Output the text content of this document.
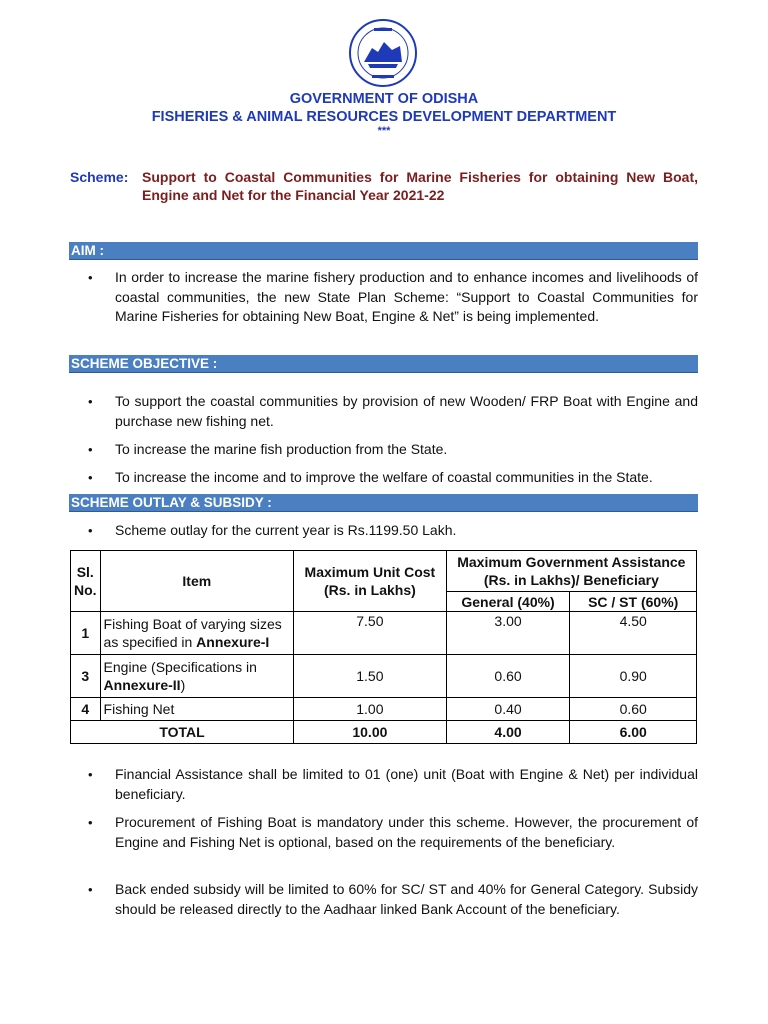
GOVERNMENT OF ODISHA
FISHERIES & ANIMAL RESOURCES DEVELOPMENT DEPARTMENT
***
Scheme: Support to Coastal Communities for Marine Fisheries for obtaining New Boat, Engine and Net for the Financial Year 2021-22
AIM :
• In order to increase the marine fishery production and to enhance incomes and livelihoods of coastal communities, the new State Plan Scheme: “Support to Coastal Communities for Marine Fisheries for obtaining New Boat, Engine & Net” is being implemented.
SCHEME OBJECTIVE :
• To support the coastal communities by provision of new Wooden/ FRP Boat with Engine and purchase new fishing net.
• To increase the marine fish production from the State.
• To increase the income and to improve the welfare of coastal communities in the State.
SCHEME OUTLAY & SUBSIDY :
• Scheme outlay for the current year is Rs.1199.50 Lakh.
Sl. No.	Item	Maximum Unit Cost (Rs. in Lakhs)	Maximum Government Assistance (Rs. in Lakhs)/ Beneficiary	
			General (40%)	SC / ST (60%)
1	Fishing Boat of varying sizes as specified in Annexure-I	7.50	3.00	4.50
3	Engine (Specifications in Annexure-II)	1.50	0.60	0.90
4	Fishing Net	1.00	0.40	0.60
TOTAL		10.00	4.00	6.00
• Financial Assistance shall be limited to 01 (one) unit (Boat with Engine & Net) per individual beneficiary.
• Procurement of Fishing Boat is mandatory under this scheme. However, the procurement of Engine and Fishing Net is optional, based on the requirements of the beneficiary.
• Back ended subsidy will be limited to 60% for SC/ ST and 40% for General Category. Subsidy should be released directly to the Aadhaar linked Bank Account of the beneficiary.
